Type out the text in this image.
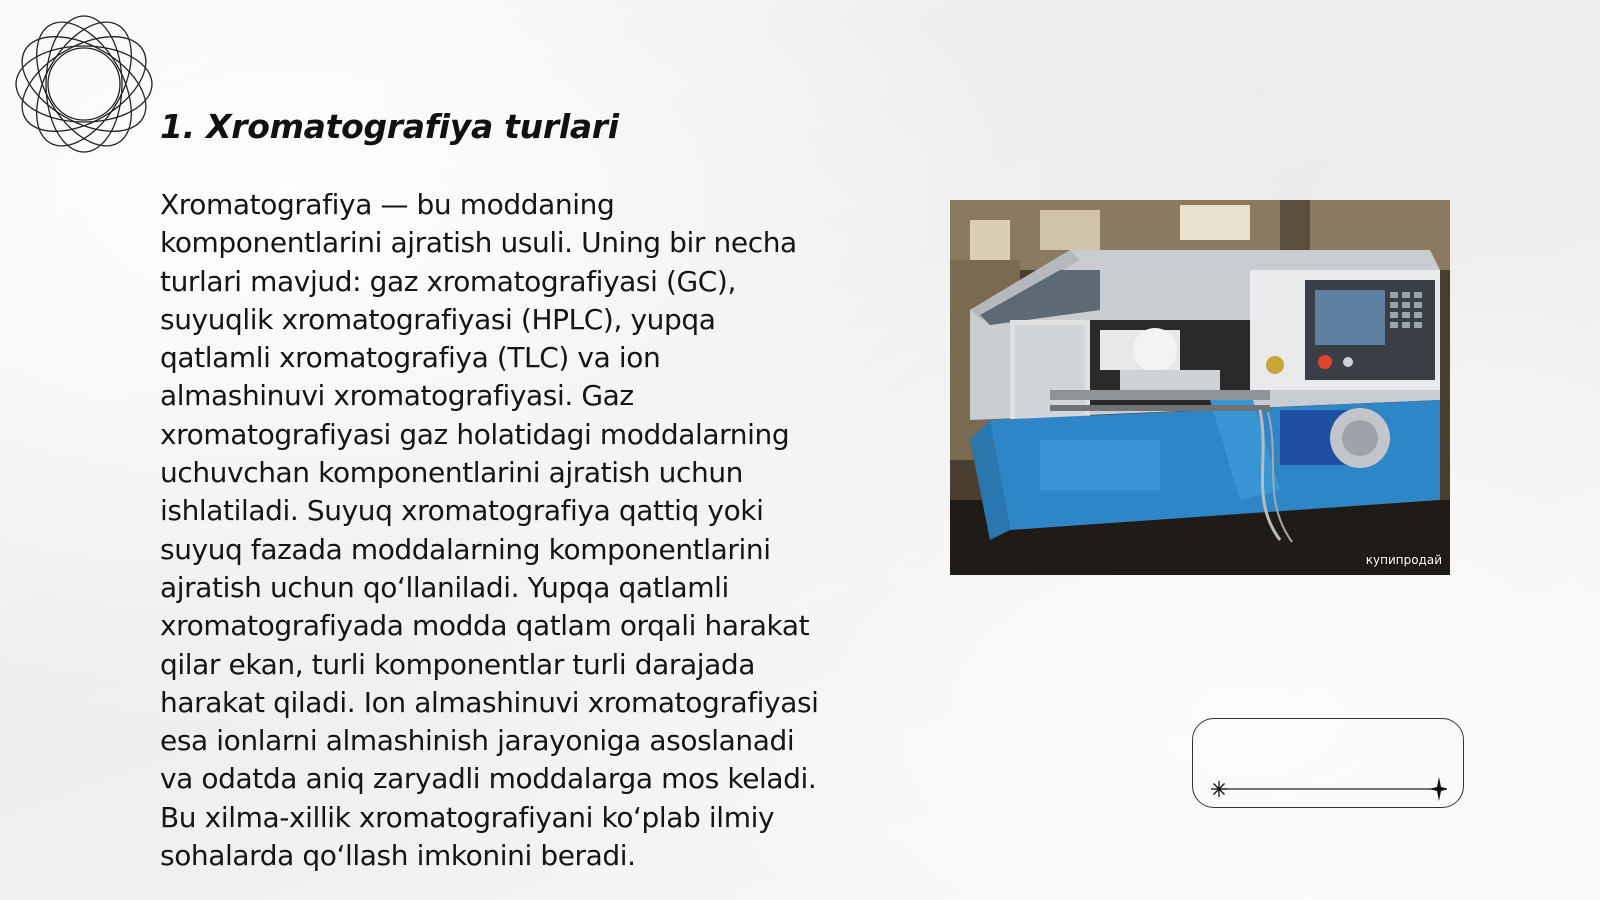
1. Xromatografiya turlari

Xromatografiya — bu moddaning komponentlarini ajratish usuli. Uning bir necha turlari mavjud: gaz xromatografiyasi (GC), suyuqlik xromatografiyasi (HPLC), yupqa qatlamli xromatografiya (TLC) va ion almashinuvi xromatografiyasi. Gaz xromatografiyasi gaz holatidagi moddalarning uchuvchan komponentlarini ajratish uchun ishlatiladi. Suyuq xromatografiya qattiq yoki suyuq fazada moddalarning komponentlarini ajratish uchun qo‘llaniladi. Yupqa qatlamli xromatografiyada modda qatlam orqali harakat qilar ekan, turli komponentlar turli darajada harakat qiladi. Ion almashinuvi xromatografiyasi esa ionlarni almashinish jarayoniga asoslanadi va odatda aniq zaryadli moddalarga mos keladi. Bu xilma-xillik xromatografiyani ko‘plab ilmiy sohalarda qo‘llash imkonini beradi.

купипродай
